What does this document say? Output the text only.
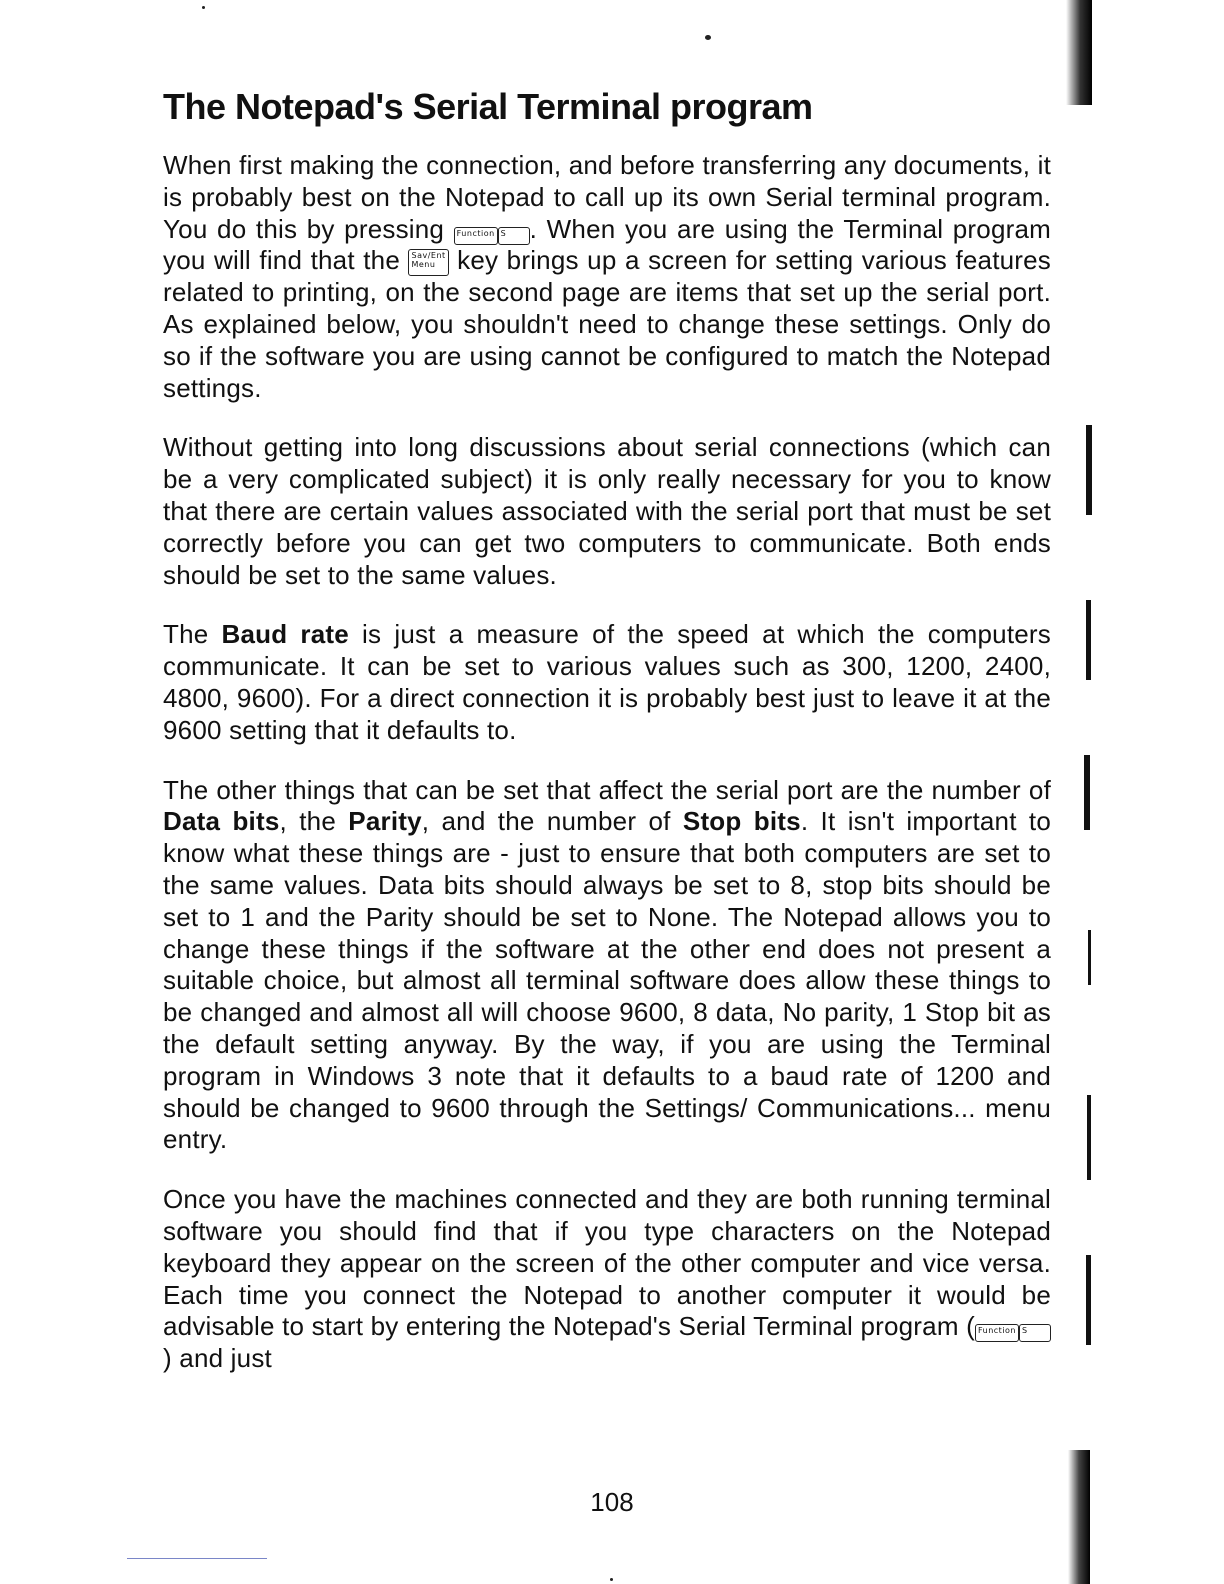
The Notepad's Serial Terminal program

When first making the connection, and before transferring any documents, it is probably best on the Notepad to call up its own Serial terminal program. You do this by pressing Function S . When you are using the Terminal program you will find that the Sav/Ent
Menu key brings up a screen for setting various features related to printing, on the second page are items that set up the serial port. As explained below, you shouldn't need to change these settings. Only do so if the software you are using cannot be configured to match the Notepad settings.

Without getting into long discussions about serial connections (which can be a very complicated subject) it is only really necessary for you to know that there are certain values associated with the serial port that must be set correctly before you can get two computers to communicate. Both ends should be set to the same values.

The Baud rate is just a measure of the speed at which the computers communicate. It can be set to various values such as 300, 1200, 2400, 4800, 9600). For a direct connection it is probably best just to leave it at the 9600 setting that it defaults to.

The other things that can be set that affect the serial port are the number of Data bits, the Parity, and the number of Stop bits. It isn't important to know what these things are - just to ensure that both computers are set to the same values. Data bits should always be set to 8, stop bits should be set to 1 and the Parity should be set to None. The Notepad allows you to change these things if the software at the other end does not present a suitable choice, but almost all terminal software does allow these things to be changed and almost all will choose 9600, 8 data, No parity, 1 Stop bit as the default setting anyway. By the way, if you are using the Terminal program in Windows 3 note that it defaults to a baud rate of 1200 and should be changed to 9600 through the Settings/ Communications... menu entry.

Once you have the machines connected and they are both running terminal software you should find that if you type characters on the Notepad keyboard they appear on the screen of the other computer and vice versa. Each time you connect the Notepad to another computer it would be advisable to start by entering the Notepad's Serial Terminal program ( Function S) and just

108
